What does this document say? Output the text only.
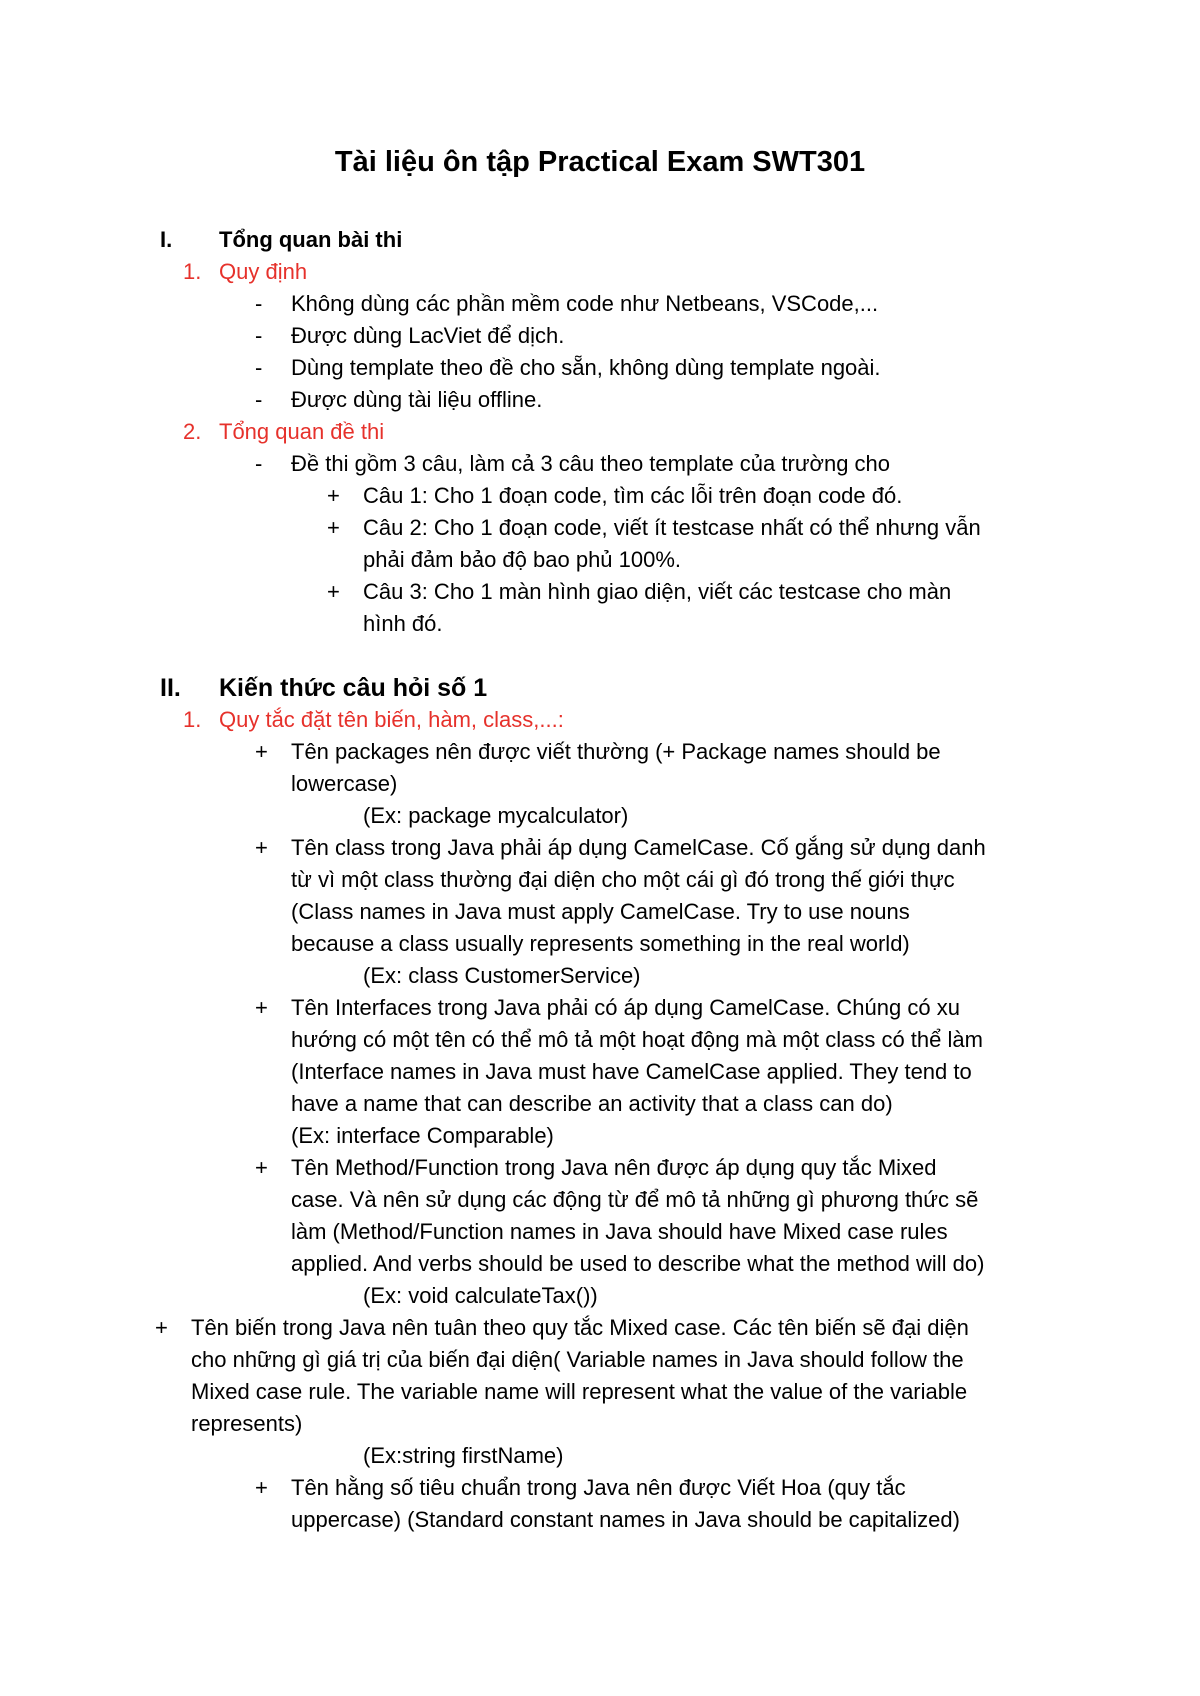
Tài liệu ôn tập Practical Exam SWT301
I. Tổng quan bài thi
1. Quy định
- Không dùng các phần mềm code như Netbeans, VSCode,...
- Được dùng LacViet để dịch.
- Dùng template theo đề cho sẵn, không dùng template ngoài.
- Được dùng tài liệu offline.
2. Tổng quan đề thi
- Đề thi gồm 3 câu, làm cả 3 câu theo template của trường cho
+ Câu 1: Cho 1 đoạn code, tìm các lỗi trên đoạn code đó.
+ Câu 2: Cho 1 đoạn code, viết ít testcase nhất có thể nhưng vẫn
phải đảm bảo độ bao phủ 100%.
+ Câu 3: Cho 1 màn hình giao diện, viết các testcase cho màn
hình đó.
II. Kiến thức câu hỏi số 1
1. Quy tắc đặt tên biến, hàm, class,...:
+ Tên packages nên được viết thường (+ Package names should be
lowercase)
(Ex: package mycalculator)
+ Tên class trong Java phải áp dụng CamelCase. Cố gắng sử dụng danh
từ vì một class thường đại diện cho một cái gì đó trong thế giới thực
(Class names in Java must apply CamelCase. Try to use nouns
because a class usually represents something in the real world)
(Ex: class CustomerService)
+ Tên Interfaces trong Java phải có áp dụng CamelCase. Chúng có xu
hướng có một tên có thể mô tả một hoạt động mà một class có thể làm
(Interface names in Java must have CamelCase applied. They tend to
have a name that can describe an activity that a class can do)
(Ex: interface Comparable)
+ Tên Method/Function trong Java nên được áp dụng quy tắc Mixed
case. Và nên sử dụng các động từ để mô tả những gì phương thức sẽ
làm (Method/Function names in Java should have Mixed case rules
applied. And verbs should be used to describe what the method will do)
(Ex: void calculateTax())
+ Tên biến trong Java nên tuân theo quy tắc Mixed case. Các tên biến sẽ đại diện
cho những gì giá trị của biến đại diện( Variable names in Java should follow the
Mixed case rule. The variable name will represent what the value of the variable
represents)
(Ex:string firstName)
+ Tên hằng số tiêu chuẩn trong Java nên được Viết Hoa (quy tắc
uppercase) (Standard constant names in Java should be capitalized)
